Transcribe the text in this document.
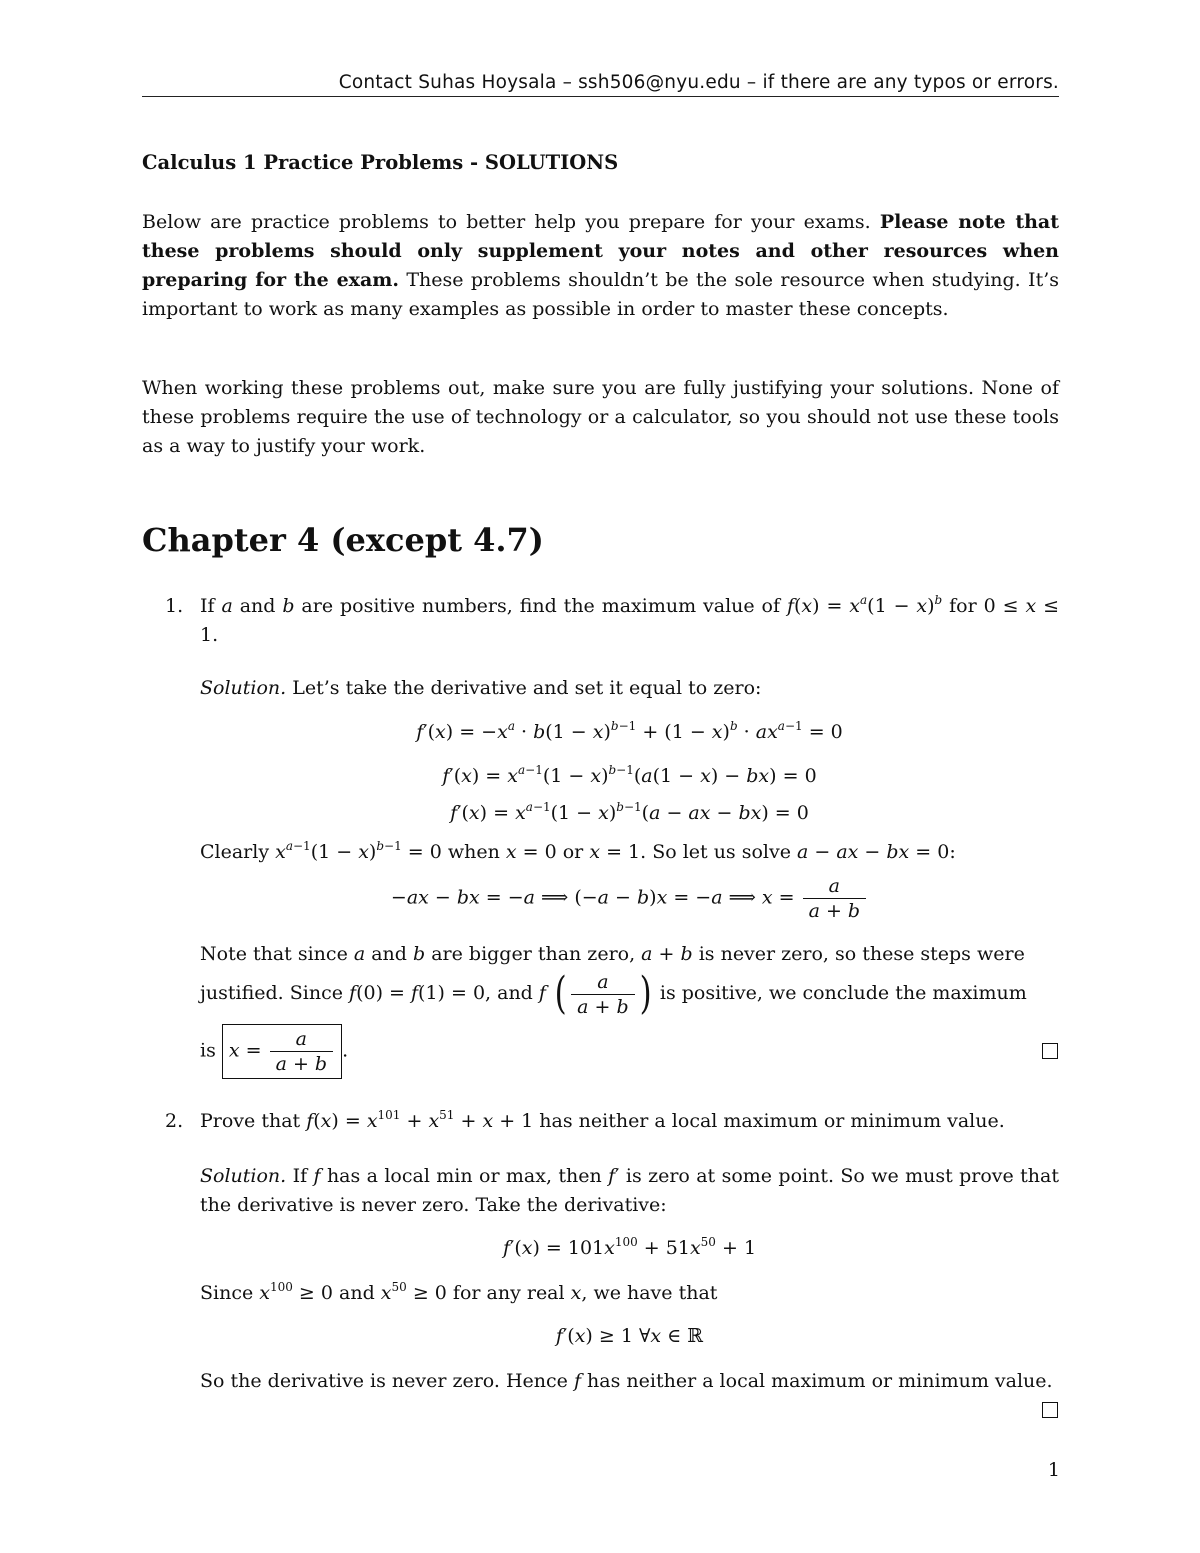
Contact Suhas Hoysala – ssh506@nyu.edu – if there are any typos or errors.
Calculus 1 Practice Problems - SOLUTIONS
Below are practice problems to better help you prepare for your exams. Please note that these problems should only supplement your notes and other resources when preparing for the exam. These problems shouldn’t be the sole resource when studying. It’s important to work as many examples as possible in order to master these concepts.
When working these problems out, make sure you are fully justifying your solutions. None of these problems require the use of technology or a calculator, so you should not use these tools as a way to justify your work.
Chapter 4 (except 4.7)
1. If a and b are positive numbers, find the maximum value of $f(x) = x^a(1 - x)^b$ for 0 ≤ x ≤ 1.
Solution. Let’s take the derivative and set it equal to zero:
$f'(x) = -x^a \cdot b(1 - x)^{b-1} + (1 - x)^b \cdot ax^{a-1} = 0$
$f'(x) = x^{a-1}(1 - x)^{b-1}(a(1 - x) - bx) = 0$
$f'(x) = x^{a-1}(1 - x)^{b-1}(a$ − ax − bx) = 0
Clearly $x^{a-1}(1 - x)^{b-1} = 0$ when x = 0 or x = 1. So let us solve a − ax − bx = 0:
−ax − bx = −a ⟹ (−a − b)x = −a ⟹ $x = \frac{a}{a + b}$
Note that since a and b are bigger than zero, a + b is never zero, so these steps were
justified. Since f(0) = f(1) = 0, and f ( $\frac{a}{a + b}$ ) is positive, we conclude the maximum
is $x = \frac{a}{a + b}$ .
2. Prove that $f(x) = x^{101} + x^{51} + x + 1$ has neither a local maximum or minimum value.
Solution. If f has a local min or max, then f′ is zero at some point. So we must prove that the derivative is never zero. Take the derivative:
$f'(x) = 101x^{100} + 51x^{50} + 1$
Since $x^{100} \ge 0$ and $x^{50} \ge 0$ for any real x, we have that
f′(x) ≥ 1 ∀x ∈ ℝ
So the derivative is never zero. Hence f has neither a local maximum or minimum value.
1
